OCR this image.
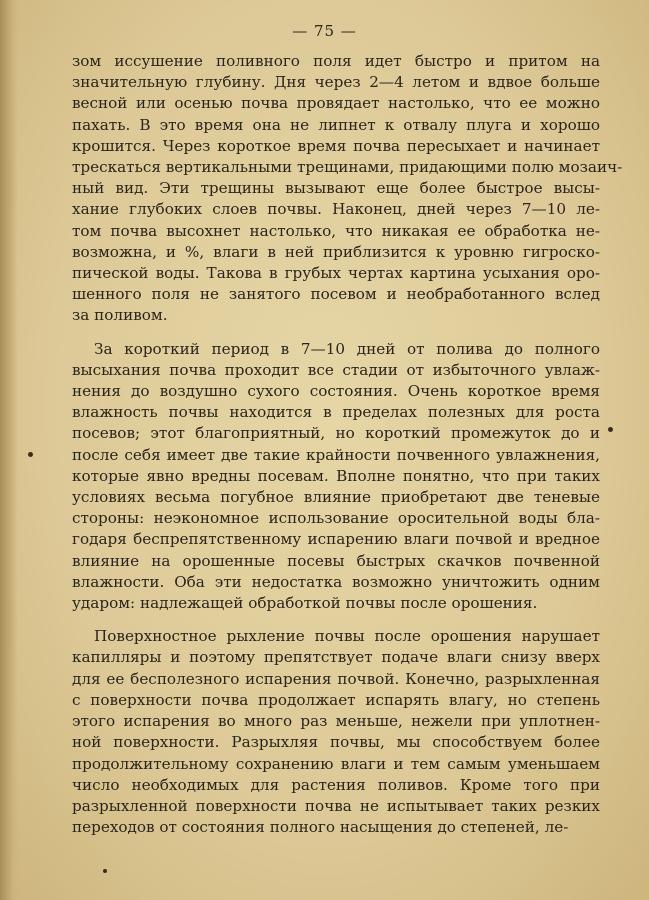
— 75 —
зом иссушение поливного поля идет быстро и притом на
значительную глубину. Дня через 2—4 летом и вдвое больше
весной или осенью почва провядает настолько, что ее можно
пахать. В это время она не липнет к отвалу плуга и хорошо
крошится. Через короткое время почва пересыхает и начинает
трескаться вертикальными трещинами, придающими полю мозаич-
ный вид. Эти трещины вызывают еще более быстрое высы-
хание глубоких слоев почвы. Наконец, дней через 7—10 ле-
том почва высохнет настолько, что никакая ее обработка не-
возможна, и %, влаги в ней приблизится к уровню гигроско-
пической воды. Такова в грубых чертах картина усыхания оро-
шенного поля не занятого посевом и необработанного вслед
за поливом.
За короткий период в 7—10 дней от полива до полного
высыхания почва проходит все стадии от избыточного увлаж-
нения до воздушно сухого состояния. Очень короткое время
влажность почвы находится в пределах полезных для роста
посевов; этот благоприятный, но короткий промежуток до и
после себя имеет две такие крайности почвенного увлажнения,
которые явно вредны посевам. Вполне понятно, что при таких
условиях весьма погубное влияние приобретают две теневые
стороны: неэкономное использование оросительной воды бла-
годаря беспрепятственному испарению влаги почвой и вредное
влияние на орошенные посевы быстрых скачков почвенной
влажности. Оба эти недостатка возможно уничтожить одним
ударом: надлежащей обработкой почвы после орошения.
Поверхностное рыхление почвы после орошения нарушает
капилляры и поэтому препятствует подаче влаги снизу вверх
для ее бесполезного испарения почвой. Конечно, разрыхленная
с поверхности почва продолжает испарять влагу, но степень
этого испарения во много раз меньше, нежели при уплотнен-
ной поверхности. Разрыхляя почвы, мы способствуем более
продолжительному сохранению влаги и тем самым уменьшаем
число необходимых для растения поливов. Кроме того при
разрыхленной поверхности почва не испытывает таких резких
переходов от состояния полного насыщения до степеней, ле-
